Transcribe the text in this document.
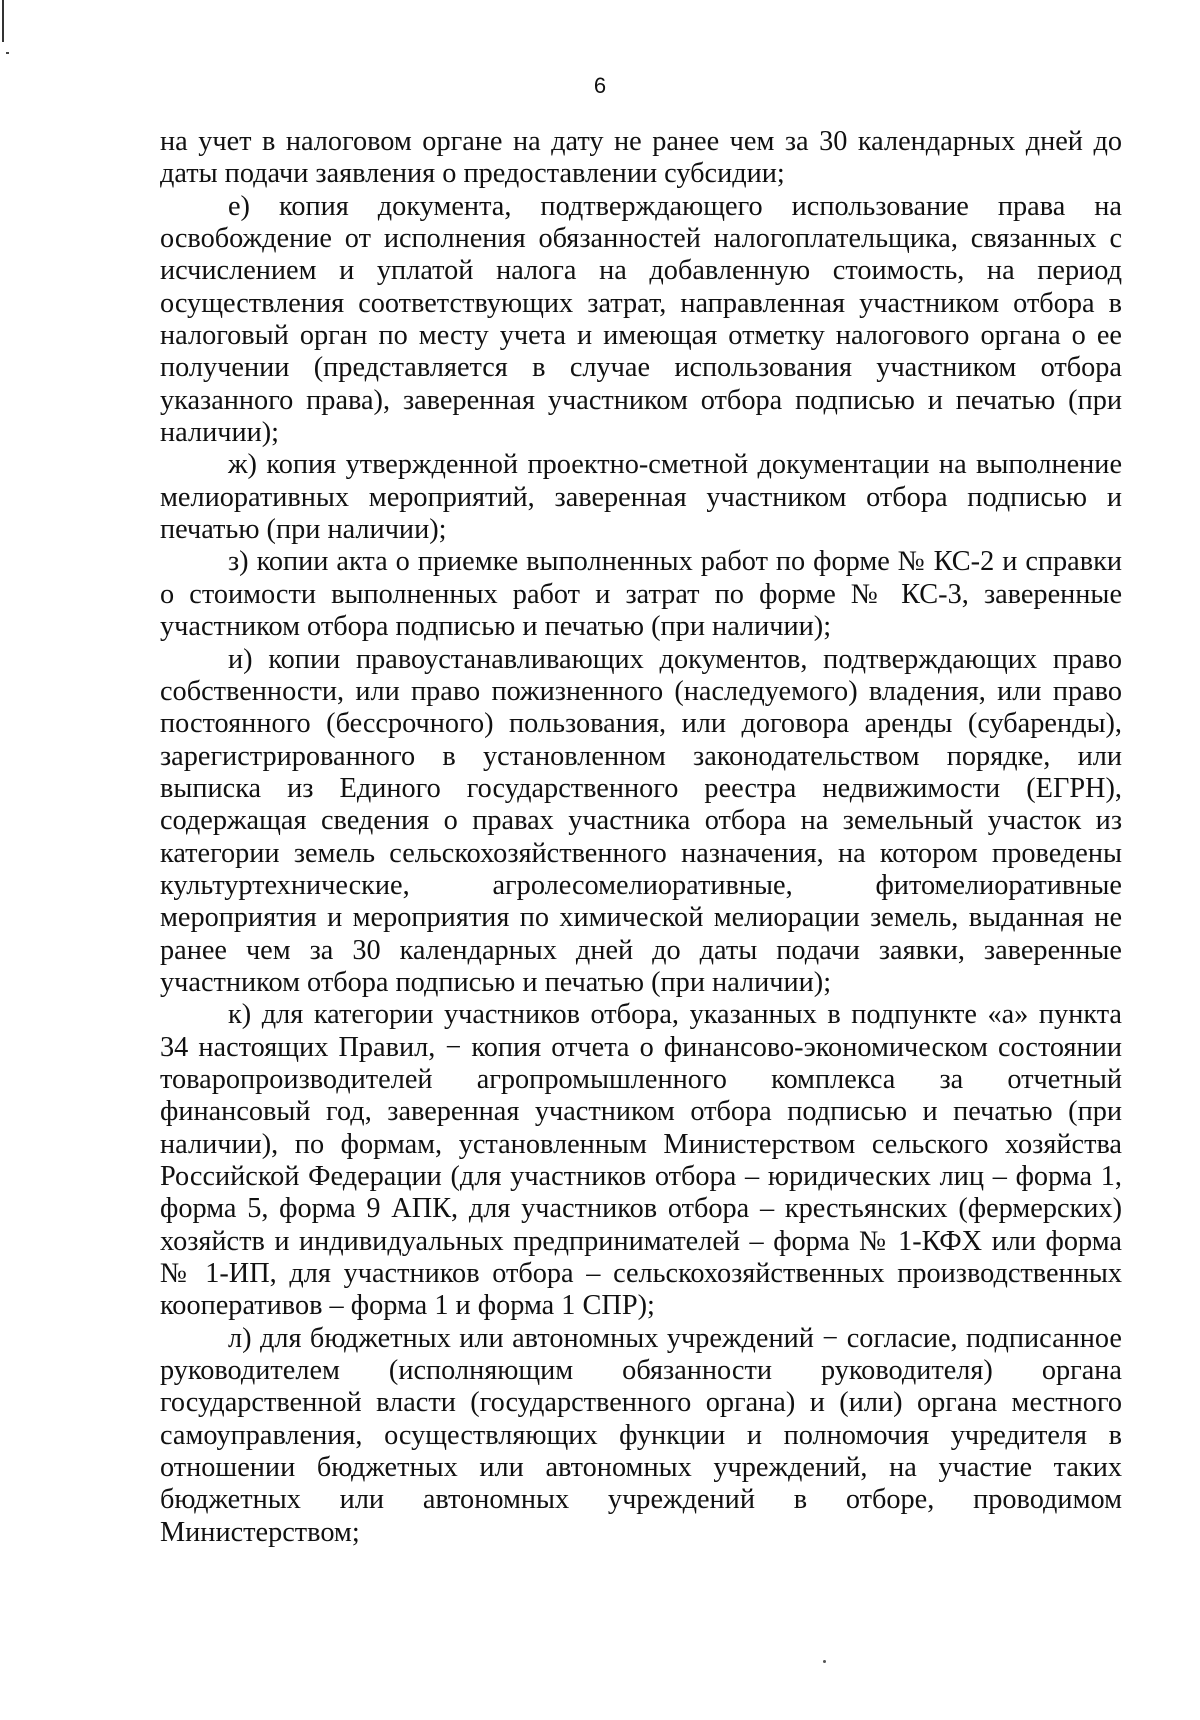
6

на учет в налоговом органе на дату не ранее чем за 30 календарных дней до даты подачи заявления о предоставлении субсидии;

е) копия документа, подтверждающего использование права на освобождение от исполнения обязанностей налогоплательщика, связанных с исчислением и уплатой налога на добавленную стоимость, на период осуществления соответствующих затрат, направленная участником отбора в налоговый орган по месту учета и имеющая отметку налогового органа о ее получении (представляется в случае использования участником отбора указанного права), заверенная участником отбора подписью и печатью (при наличии);

ж) копия утвержденной проектно-сметной документации на выполнение мелиоративных мероприятий, заверенная участником отбора подписью и печатью (при наличии);

з) копии акта о приемке выполненных работ по форме № КС-2 и справки о стоимости выполненных работ и затрат по форме № КС-3, заверенные участником отбора подписью и печатью (при наличии);

и) копии правоустанавливающих документов, подтверждающих право собственности, или право пожизненного (наследуемого) владения, или право постоянного (бессрочного) пользования, или договора аренды (субаренды), зарегистрированного в установленном законодательством порядке, или выписка из Единого государственного реестра недвижимости (ЕГРН), содержащая сведения о правах участника отбора на земельный участок из категории земель сельскохозяйственного назначения, на котором проведены культуртехнические, агролесомелиоративные, фитомелиоративные мероприятия и мероприятия по химической мелиорации земель, выданная не ранее чем за 30 календарных дней до даты подачи заявки, заверенные участником отбора подписью и печатью (при наличии);

к) для категории участников отбора, указанных в подпункте «а» пункта 34 настоящих Правил, − копия отчета о финансово-экономическом состоянии товаропроизводителей агропромышленного комплекса за отчетный финансовый год, заверенная участником отбора подписью и печатью (при наличии), по формам, установленным Министерством сельского хозяйства Российской Федерации (для участников отбора – юридических лиц – форма 1, форма 5, форма 9 АПК, для участников отбора – крестьянских (фермерских) хозяйств и индивидуальных предпринимателей – форма № 1-КФХ или форма № 1-ИП, для участников отбора – сельскохозяйственных производственных кооперативов – форма 1 и форма 1 СПР);

л) для бюджетных или автономных учреждений − согласие, подписанное руководителем (исполняющим обязанности руководителя) органа государственной власти (государственного органа) и (или) органа местного самоуправления, осуществляющих функции и полномочия учредителя в отношении бюджетных или автономных учреждений, на участие таких бюджетных или автономных учреждений в отборе, проводимом Министерством;
